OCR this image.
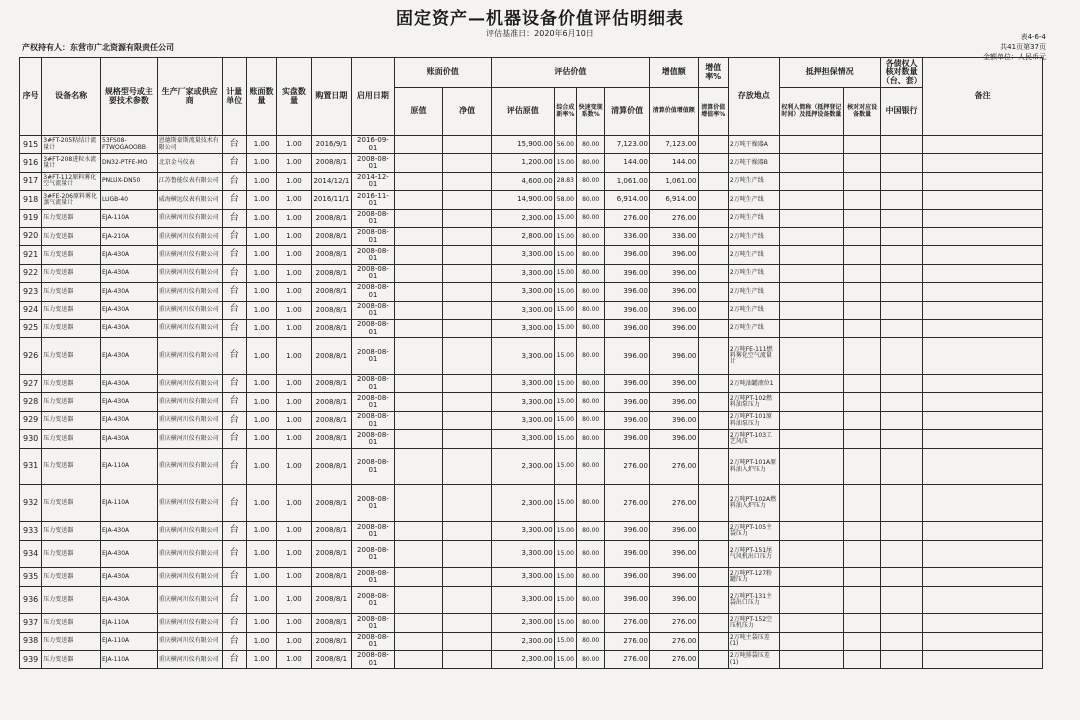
固定资产—机器设备价值评估明细表
评估基准日：2020年6月10日	表4-6-4
共41页第37页
金额单位：人民币元
产权持有人：东营市广北资源有限责任公司
序号	设备名称	规格型号或主要技术参数	生产厂家或供应商	计量单位	账面数量	实盘数量	购置日期	启用日期	账面价值		评估价值				增值额	增值率%	存放地点	抵押担保情况		各债权人核对数量（台、套）	备注
									原值	净值	评估原值	综合成新率%	快速变现系数%	清算价值	清算价值增值额	清算价值增值率%		权利人简称（抵押登记时间）及抵押设备数量	核对对应设备数量	中国银行	
915	3#FT-205粘结计流量计	53FS08-FTWOGAOOBB	恩德斯豪斯流量技术有限公司	台	1.00	1.00	2016/9/1	2016-09-01			15,900.00	56.00	80.00	7,123.00	7,123.00		2万吨干燥器A				
916	3#FT-208进粒水流量计	DN32-PTFE-MO	北京金马仪表	台	1.00	1.00	2008/8/1	2008-08-01			1,200.00	15.00	80.00	144.00	144.00		2万吨干燥器B				
917	3#FT-112原料雾化空气流量计	PNLUX-DN50	江苏鲁能仪表有限公司	台	1.00	1.00	2014/12/1	2014-12-01			4,600.00	28.83	80.00	1,061.00	1,061.00		2万吨生产线				
918	3#FE-206原料雾化蒸气流量计	LUGB-40	威海横远仪表有限公司	台	1.00	1.00	2016/11/1	2016-11-01			14,900.00	58.00	80.00	6,914.00	6,914.00		2万吨生产线				
919	压力变送器	EJA-110A	重庆横河川仪有限公司	台	1.00	1.00	2008/8/1	2008-08-01			2,300.00	15.00	80.00	276.00	276.00		2万吨生产线				
920	压力变送器	EJA-210A	重庆横河川仪有限公司	台	1.00	1.00	2008/8/1	2008-08-01			2,800.00	15.00	80.00	336.00	336.00		2万吨生产线				
921	压力变送器	EJA-430A	重庆横河川仪有限公司	台	1.00	1.00	2008/8/1	2008-08-01			3,300.00	15.00	80.00	396.00	396.00		2万吨生产线				
922	压力变送器	EJA-430A	重庆横河川仪有限公司	台	1.00	1.00	2008/8/1	2008-08-01			3,300.00	15.00	80.00	396.00	396.00		2万吨生产线				
923	压力变送器	EJA-430A	重庆横河川仪有限公司	台	1.00	1.00	2008/8/1	2008-08-01			3,300.00	15.00	80.00	396.00	396.00		2万吨生产线				
924	压力变送器	EJA-430A	重庆横河川仪有限公司	台	1.00	1.00	2008/8/1	2008-08-01			3,300.00	15.00	80.00	396.00	396.00		2万吨生产线				
925	压力变送器	EJA-430A	重庆横河川仪有限公司	台	1.00	1.00	2008/8/1	2008-08-01			3,300.00	15.00	80.00	396.00	396.00		2万吨生产线				
926	压力变送器	EJA-430A	重庆横河川仪有限公司	台	1.00	1.00	2008/8/1	2008-08-01			3,300.00	15.00	80.00	396.00	396.00		2万吨FE-111燃料雾化空气流量计				
927	压力变送器	EJA-430A	重庆横河川仪有限公司	台	1.00	1.00	2008/8/1	2008-08-01			3,300.00	15.00	80.00	396.00	396.00		2万吨油罐液位1				
928	压力变送器	EJA-430A	重庆横河川仪有限公司	台	1.00	1.00	2008/8/1	2008-08-01			3,300.00	15.00	80.00	396.00	396.00		2万吨PT-102燃料油泵压力				
929	压力变送器	EJA-430A	重庆横河川仪有限公司	台	1.00	1.00	2008/8/1	2008-08-01			3,300.00	15.00	80.00	396.00	396.00		2万吨PT-101原料油泵压力				
930	压力变送器	EJA-430A	重庆横河川仪有限公司	台	1.00	1.00	2008/8/1	2008-08-01			3,300.00	15.00	80.00	396.00	396.00		2万吨PT-103工艺风压				
931	压力变送器	EJA-110A	重庆横河川仪有限公司	台	1.00	1.00	2008/8/1	2008-08-01			2,300.00	15.00	80.00	276.00	276.00		2万吨PT-101A原料油入炉压力				
932	压力变送器	EJA-110A	重庆横河川仪有限公司	台	1.00	1.00	2008/8/1	2008-08-01			2,300.00	15.00	80.00	276.00	276.00		2万吨PT-102A燃料油入炉压力				
933	压力变送器	EJA-430A	重庆横河川仪有限公司	台	1.00	1.00	2008/8/1	2008-08-01			3,300.00	15.00	80.00	396.00	396.00		2万吨PT-105主袋压力				
934	压力变送器	EJA-430A	重庆横河川仪有限公司	台	1.00	1.00	2008/8/1	2008-08-01			3,300.00	15.00	80.00	396.00	396.00		2万吨PT-151尾气风机出口压力				
935	压力变送器	EJA-430A	重庆横河川仪有限公司	台	1.00	1.00	2008/8/1	2008-08-01			3,300.00	15.00	80.00	396.00	396.00		2万吨PT-127粉罐压力				
936	压力变送器	EJA-430A	重庆横河川仪有限公司	台	1.00	1.00	2008/8/1	2008-08-01			3,300.00	15.00	80.00	396.00	396.00		2万吨PT-131主袋出口压力				
937	压力变送器	EJA-110A	重庆横河川仪有限公司	台	1.00	1.00	2008/8/1	2008-08-01			2,300.00	15.00	80.00	276.00	276.00		2万吨PT-152空压机压力				
938	压力变送器	EJA-110A	重庆横河川仪有限公司	台	1.00	1.00	2008/8/1	2008-08-01			2,300.00	15.00	80.00	276.00	276.00		2万吨主袋压差(1)				
939	压力变送器	EJA-110A	重庆横河川仪有限公司	台	1.00	1.00	2008/8/1	2008-08-01			2,300.00	15.00	80.00	276.00	276.00		2万吨排袋压差(1)				
